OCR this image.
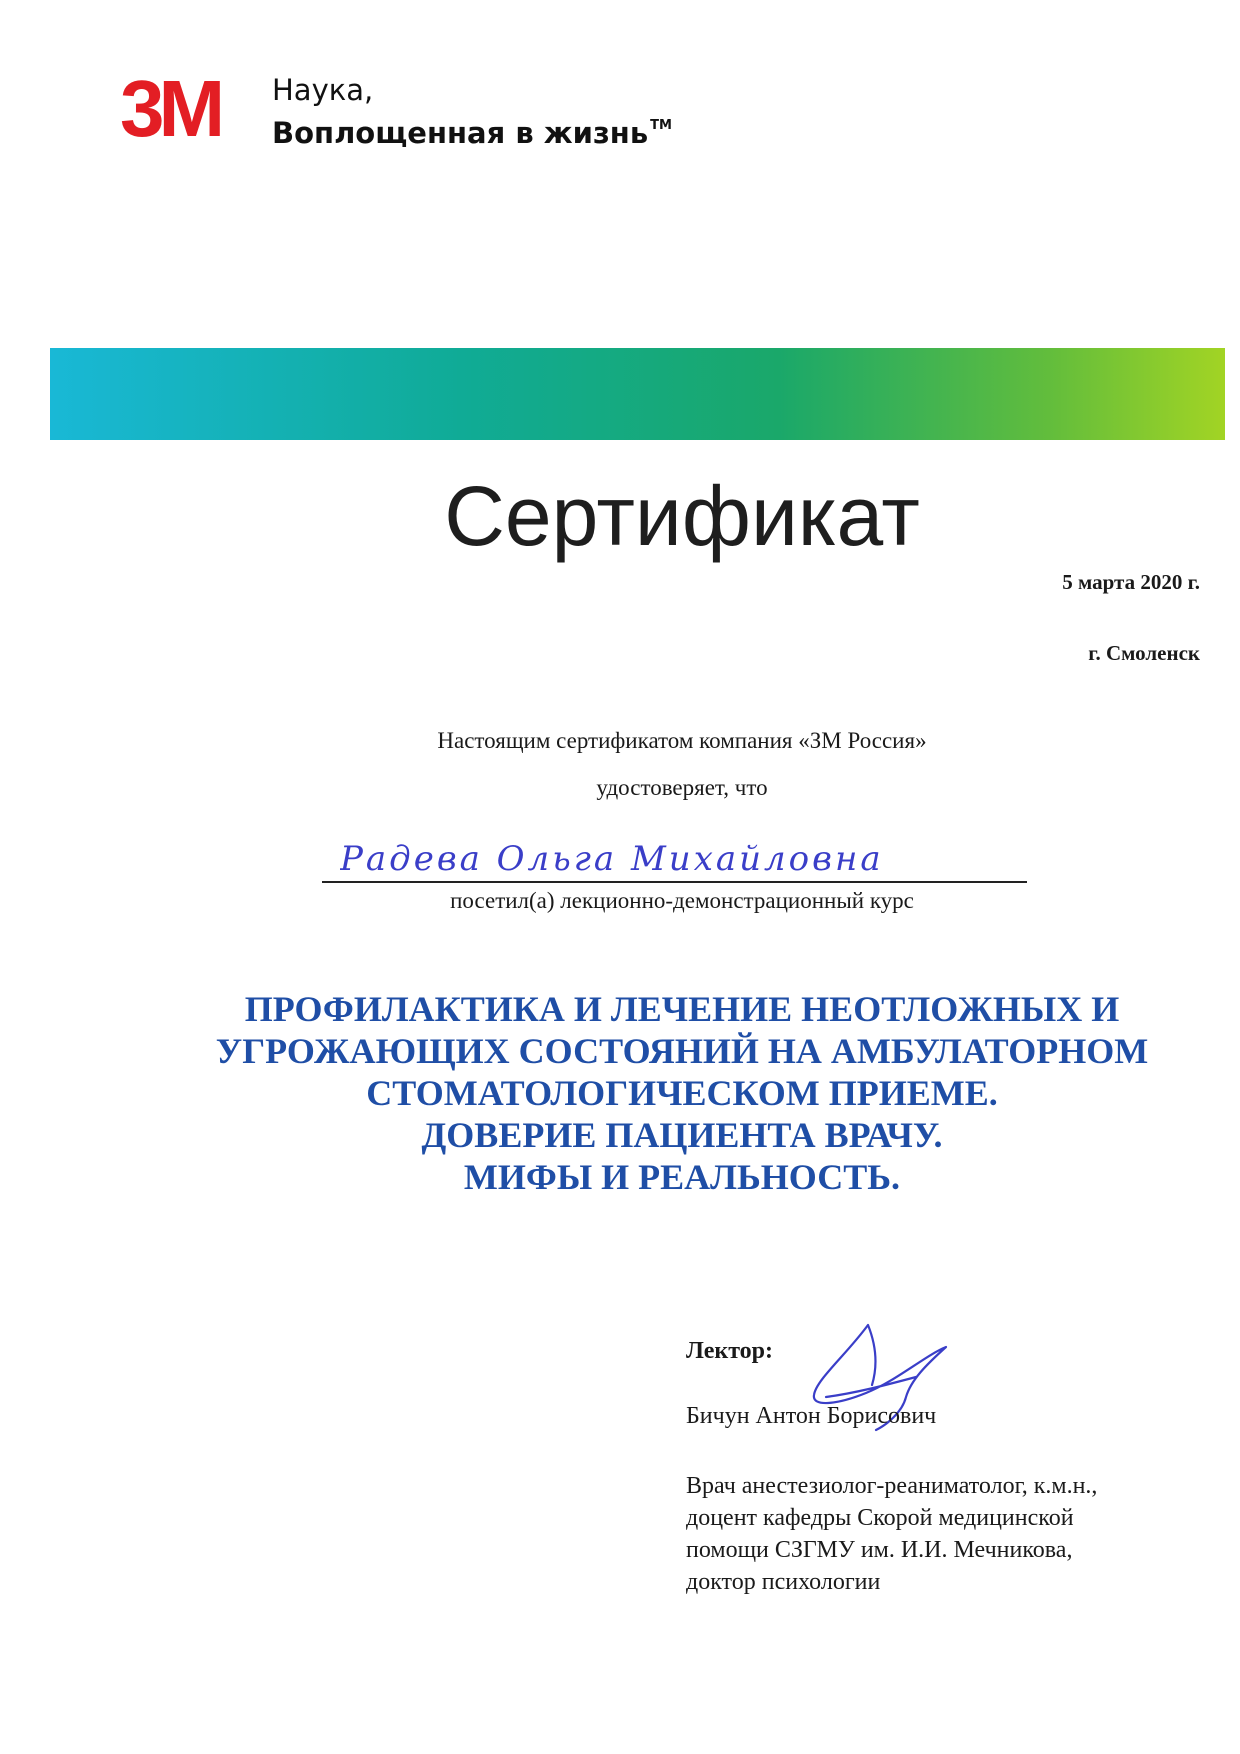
3M Наука,
Воплощенная в жизнь ™
Сертификат
5 марта 2020 г.
г. Смоленск
Настоящим сертификатом компания «ЗМ Россия»
удостоверяет, что
Радева Ольга Михайловна
посетил(а) лекционно-демонстрационный курс
ПРОФИЛАКТИКА И ЛЕЧЕНИЕ НЕОТЛОЖНЫХ И
УГРОЖАЮЩИХ СОСТОЯНИЙ НА АМБУЛАТОРНОМ
СТОМАТОЛОГИЧЕСКОМ ПРИЕМЕ.
ДОВЕРИЕ ПАЦИЕНТА ВРАЧУ.
МИФЫ И РЕАЛЬНОСТЬ.
Лектор:
Бичун Антон Борисович
Врач анестезиолог-реаниматолог, к.м.н.,
доцент кафедры Скорой медицинской
помощи СЗГМУ им. И.И. Мечникова,
доктор психологии
